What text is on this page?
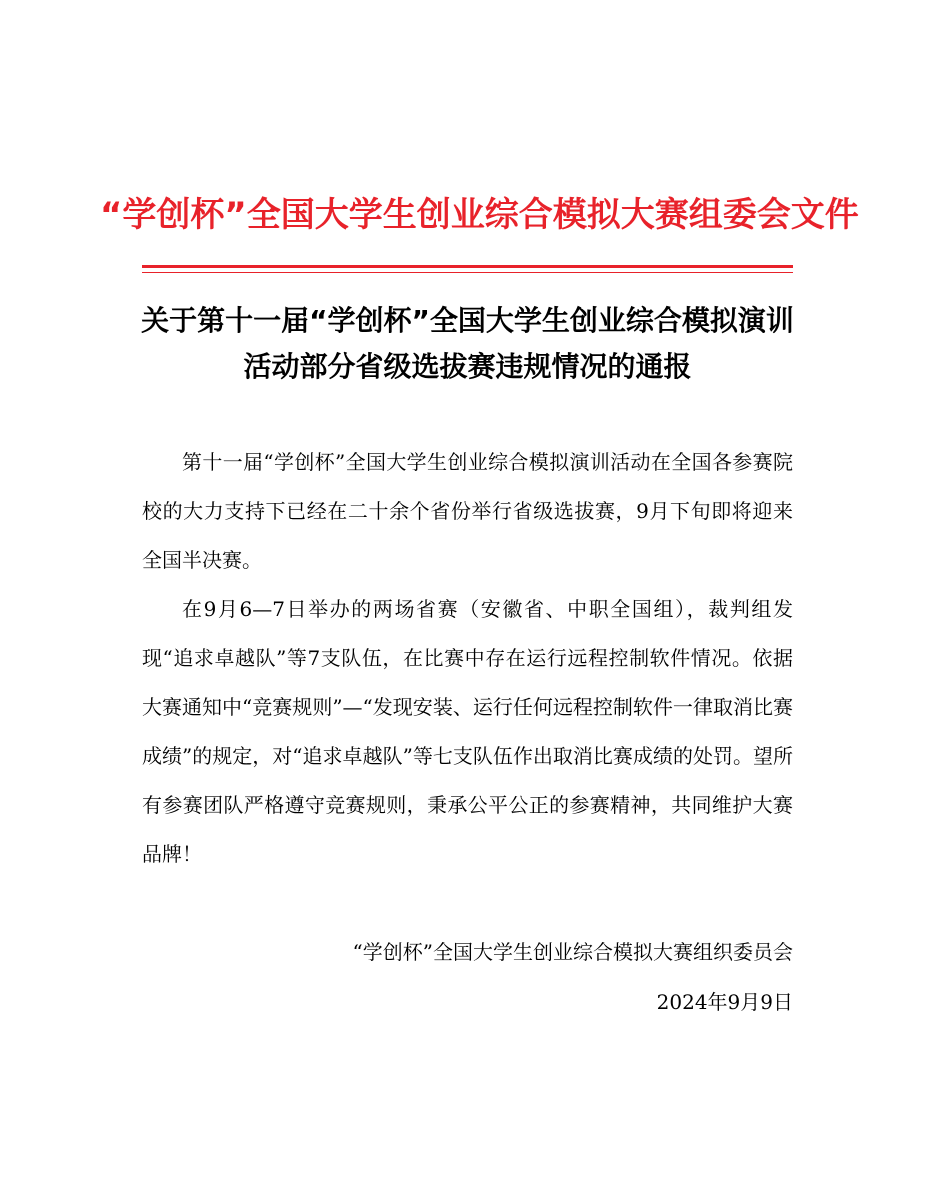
“学创杯”全国大学生创业综合模拟大赛组委会文件
关于第十一届“学创杯”全国大学生创业综合模拟演训
活动部分省级选拔赛违规情况的通报

第十一届“学创杯”全国大学生创业综合模拟演训活动在全国各参赛院校的大力支持下已经在二十余个省份举行省级选拔赛，9月下旬即将迎来全国半决赛。

在9月6—7日举办的两场省赛（安徽省、中职全国组），裁判组发现“追求卓越队”等7支队伍，在比赛中存在运行远程控制软件情况。依据大赛通知中“竞赛规则”—“发现安装、运行任何远程控制软件一律取消比赛成绩”的规定，对“追求卓越队”等七支队伍作出取消比赛成绩的处罚。望所有参赛团队严格遵守竞赛规则，秉承公平公正的参赛精神，共同维护大赛品牌！

“学创杯”全国大学生创业综合模拟大赛组织委员会
2024年9月9日
